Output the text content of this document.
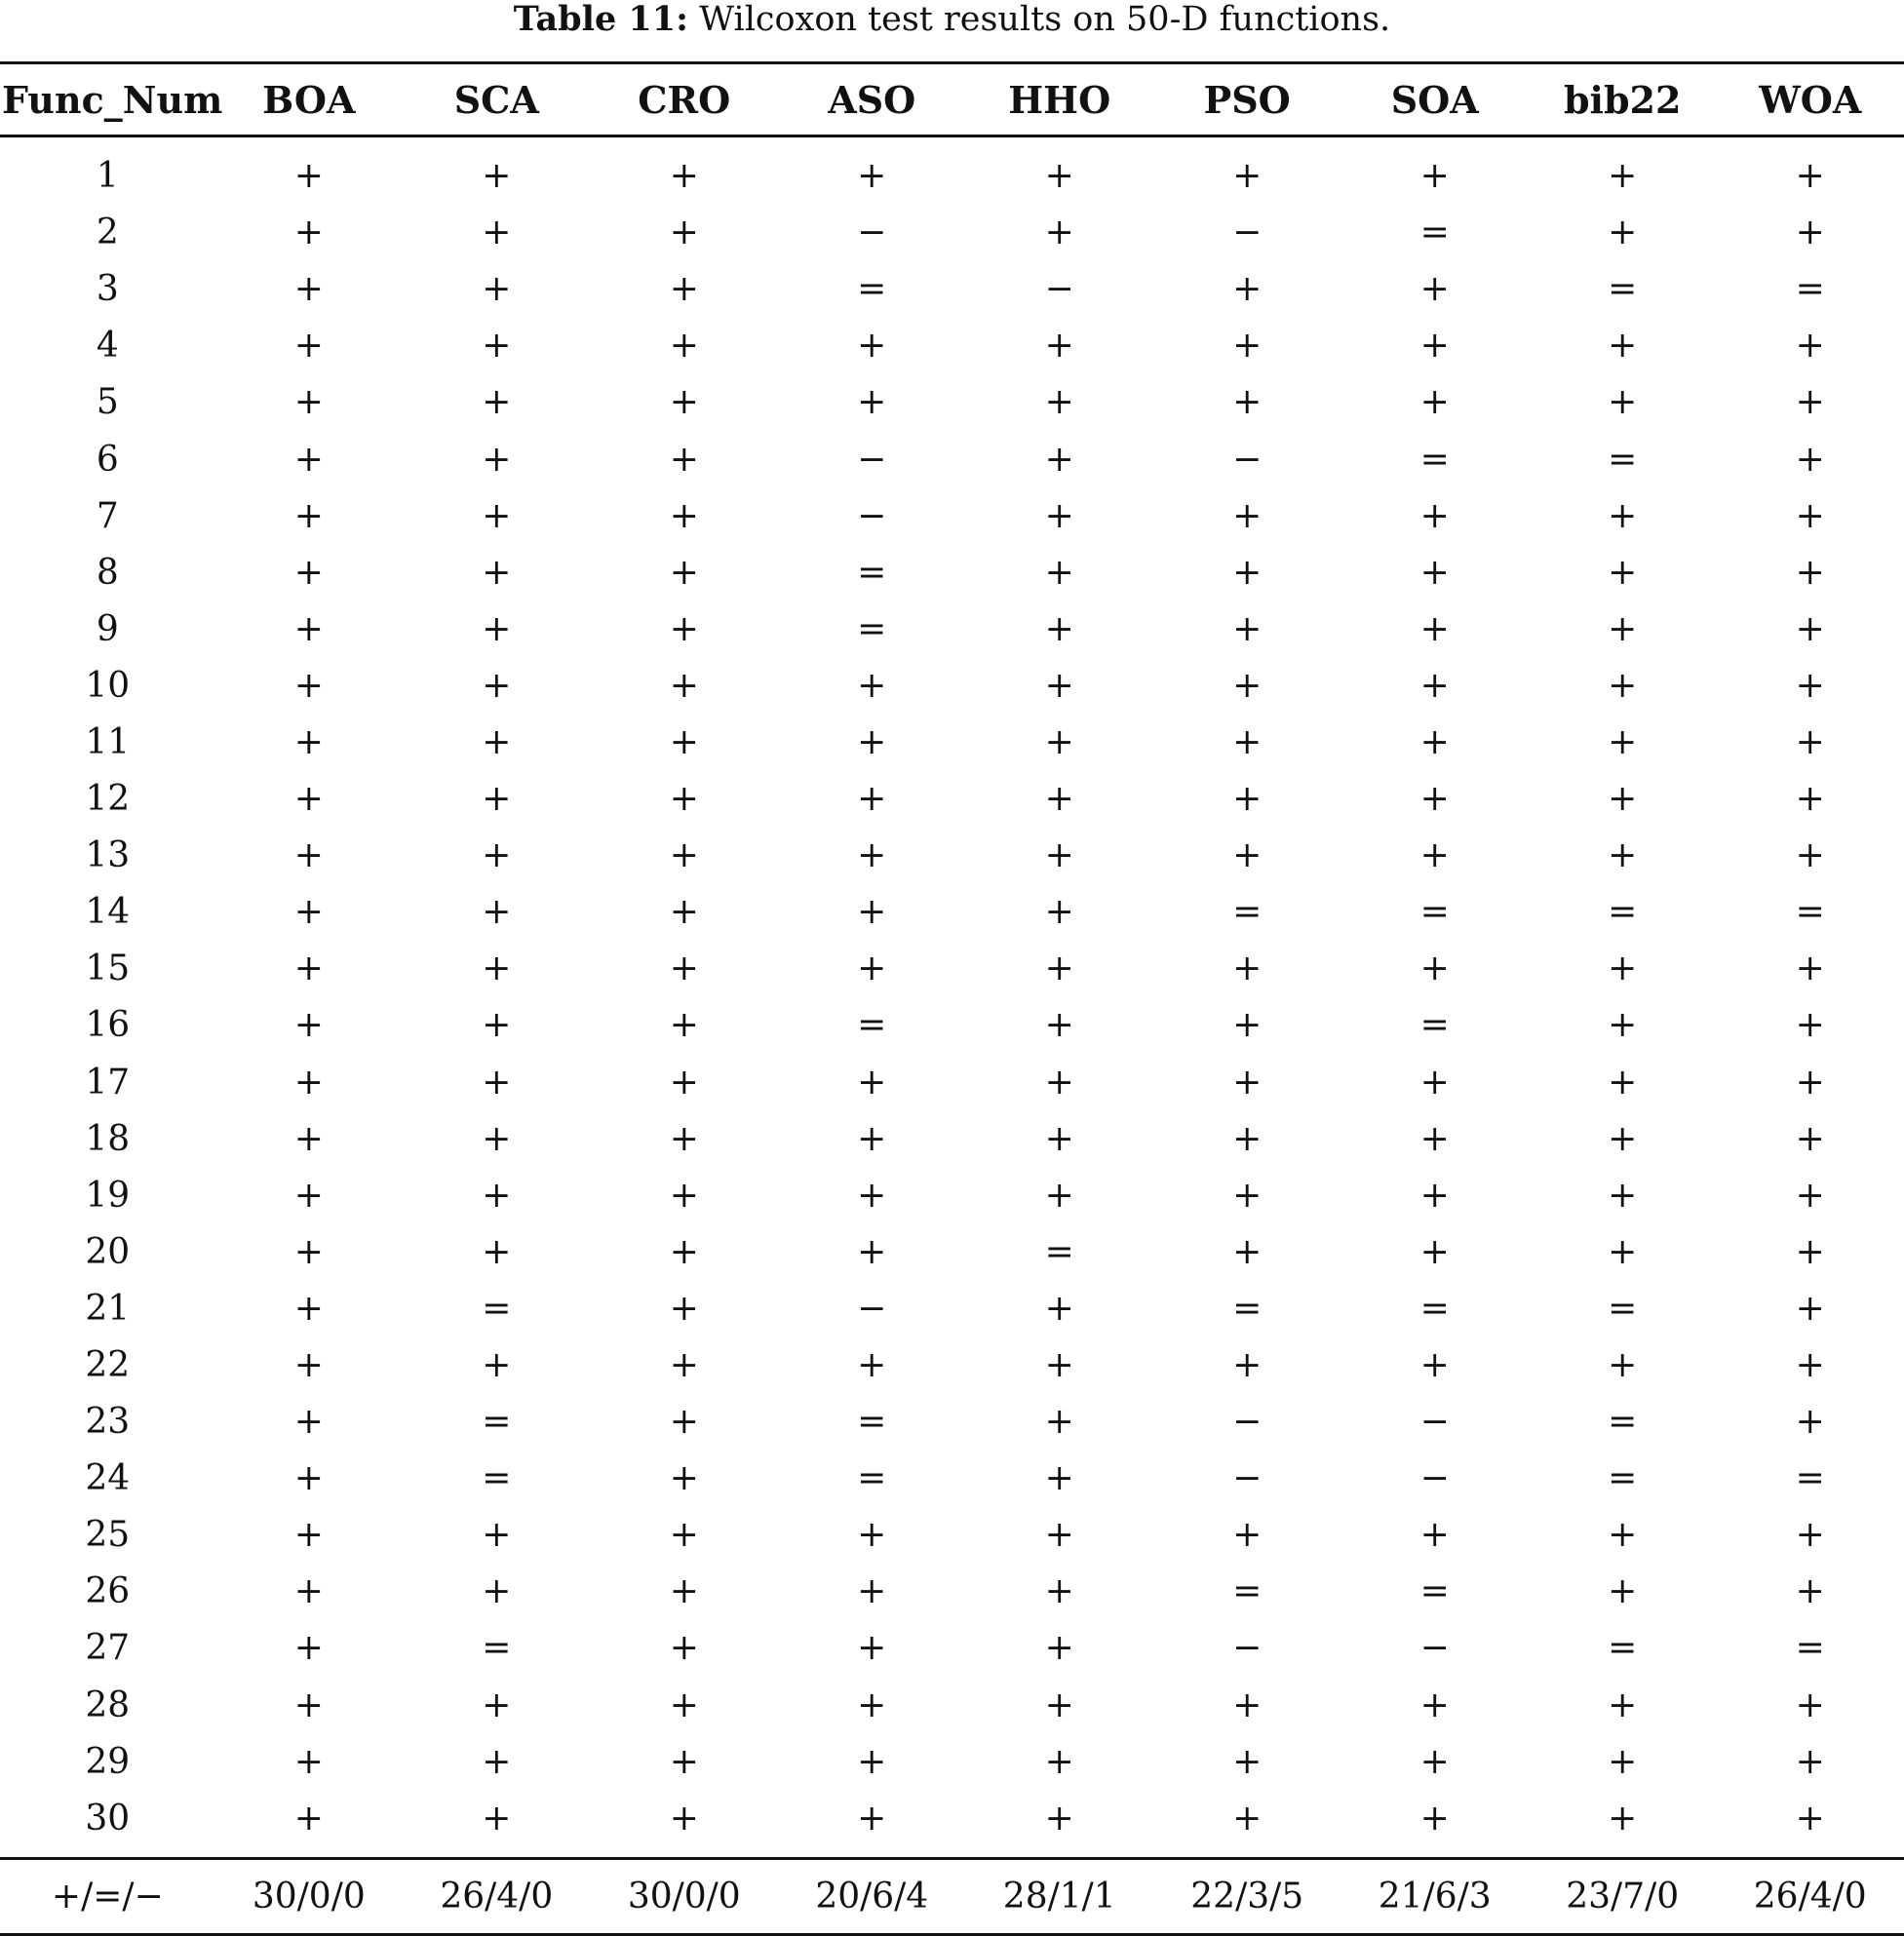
Table 11: Wilcoxon test results on 50-D functions.
Func_Num	BOA	SCA	CRO	ASO	HHO	PSO	SOA	bib22	WOA

1	+	+	+	+	+	+	+	+	+
2	+	+	+	−	+	−	=	+	+
3	+	+	+	=	−	+	+	=	=
4	+	+	+	+	+	+	+	+	+
5	+	+	+	+	+	+	+	+	+
6	+	+	+	−	+	−	=	=	+
7	+	+	+	−	+	+	+	+	+
8	+	+	+	=	+	+	+	+	+
9	+	+	+	=	+	+	+	+	+
10	+	+	+	+	+	+	+	+	+
11	+	+	+	+	+	+	+	+	+
12	+	+	+	+	+	+	+	+	+
13	+	+	+	+	+	+	+	+	+
14	+	+	+	+	+	=	=	=	=
15	+	+	+	+	+	+	+	+	+
16	+	+	+	=	+	+	=	+	+
17	+	+	+	+	+	+	+	+	+
18	+	+	+	+	+	+	+	+	+
19	+	+	+	+	+	+	+	+	+
20	+	+	+	+	=	+	+	+	+
21	+	=	+	−	+	=	=	=	+
22	+	+	+	+	+	+	+	+	+
23	+	=	+	=	+	−	−	=	+
24	+	=	+	=	+	−	−	=	=
25	+	+	+	+	+	+	+	+	+
26	+	+	+	+	+	=	=	+	+
27	+	=	+	+	+	−	−	=	=
28	+	+	+	+	+	+	+	+	+
29	+	+	+	+	+	+	+	+	+
30	+	+	+	+	+	+	+	+	+

+/=/−	30/0/0	26/4/0	30/0/0	20/6/4	28/1/1	22/3/5	21/6/3	23/7/0	26/4/0
